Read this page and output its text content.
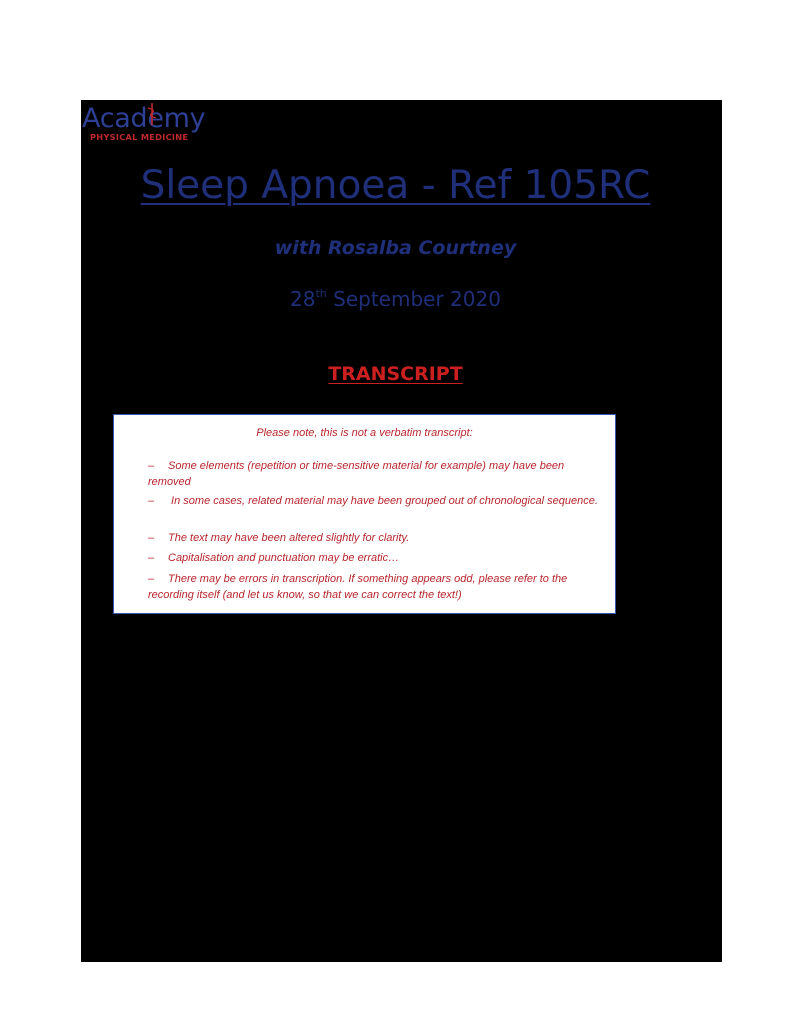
Academy
PHYSICAL MEDICINE
Sleep Apnoea - Ref 105RC
with Rosalba Courtney
28th September 2020
TRANSCRIPT
Please note, this is not a verbatim transcript:
– Some elements (repetition or time-sensitive material for example) may have been removed
– In some cases, related material may have been grouped out of chronological sequence.
– The text may have been altered slightly for clarity.
– Capitalisation and punctuation may be erratic…
– There may be errors in transcription. If something appears odd, please refer to the recording itself (and let us know, so that we can correct the text!)
